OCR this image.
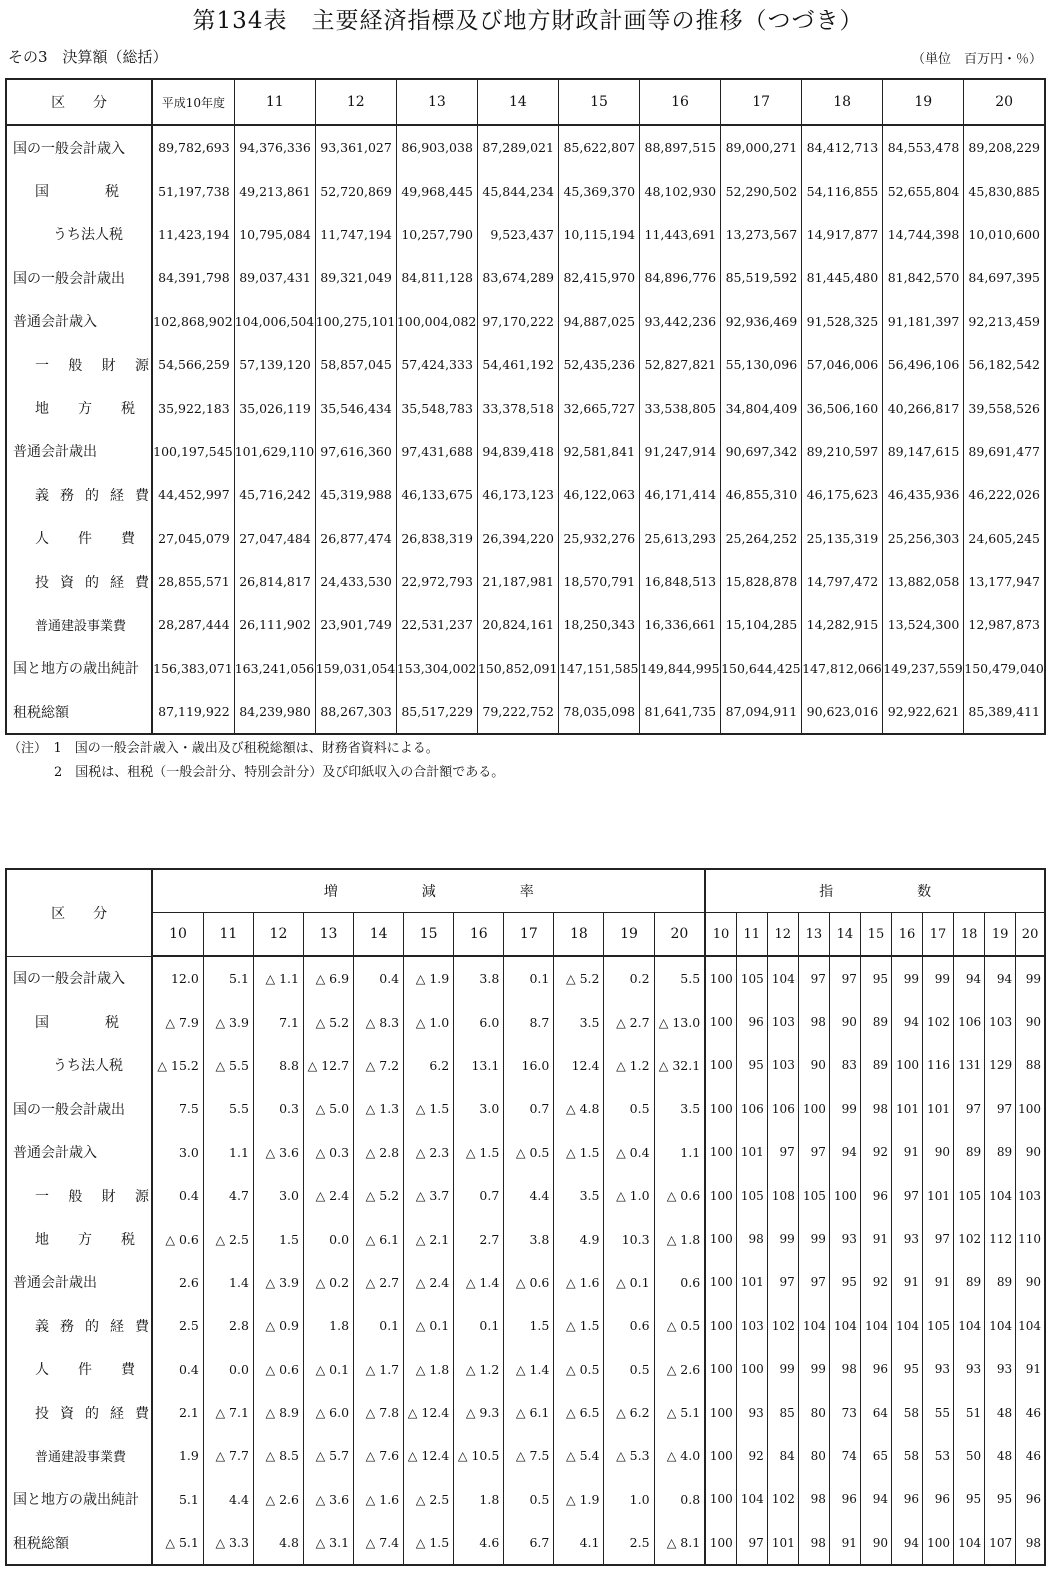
第134表　主要経済指標及び地方財政計画等の推移（つづき）
その3　決算額（総括）	（単位　百万円・％）
区　　分	平成10年度	11	12	13	14	15	16	17	18	19	20
国の一般会計歳入	89,782,693	94,376,336	93,361,027	86,903,038	87,289,021	85,622,807	88,897,515	89,000,271	84,412,713	84,553,478	89,208,229
国　　　　税	51,197,738	49,213,861	52,720,869	49,968,445	45,844,234	45,369,370	48,102,930	52,290,502	54,116,855	52,655,804	45,830,885
うち法人税	11,423,194	10,795,084	11,747,194	10,257,790	9,523,437	10,115,194	11,443,691	13,273,567	14,917,877	14,744,398	10,010,600
国の一般会計歳出	84,391,798	89,037,431	89,321,049	84,811,128	83,674,289	82,415,970	84,896,776	85,519,592	81,445,480	81,842,570	84,697,395
普通会計歳入	102,868,902	104,006,504	100,275,101	100,004,082	97,170,222	94,887,025	93,442,236	92,936,469	91,528,325	91,181,397	92,213,459
一般財源	54,566,259	57,139,120	58,857,045	57,424,333	54,461,192	52,435,236	52,827,821	55,130,096	57,046,006	56,496,106	56,182,542
地方税	35,922,183	35,026,119	35,546,434	35,548,783	33,378,518	32,665,727	33,538,805	34,804,409	36,506,160	40,266,817	39,558,526
普通会計歳出	100,197,545	101,629,110	97,616,360	97,431,688	94,839,418	92,581,841	91,247,914	90,697,342	89,210,597	89,147,615	89,691,477
義務的経費	44,452,997	45,716,242	45,319,988	46,133,675	46,173,123	46,122,063	46,171,414	46,855,310	46,175,623	46,435,936	46,222,026
人件費	27,045,079	27,047,484	26,877,474	26,838,319	26,394,220	25,932,276	25,613,293	25,264,252	25,135,319	25,256,303	24,605,245
投資的経費	28,855,571	26,814,817	24,433,530	22,972,793	21,187,981	18,570,791	16,848,513	15,828,878	14,797,472	13,882,058	13,177,947
普通建設事業費	28,287,444	26,111,902	23,901,749	22,531,237	20,824,161	18,250,343	16,336,661	15,104,285	14,282,915	13,524,300	12,987,873
国と地方の歳出純計	156,383,071	163,241,056	159,031,054	153,304,002	150,852,091	147,151,585	149,844,995	150,644,425	147,812,066	149,237,559	150,479,040
租税総額	87,119,922	84,239,980	88,267,303	85,517,229	79,222,752	78,035,098	81,641,735	87,094,911	90,623,016	92,922,621	85,389,411
（注）　1　国の一般会計歳入・歳出及び租税総額は、財務省資料による。
2　国税は、租税（一般会計分、特別会計分）及び印紙収入の合計額である。
区　　分	増　　　　　　減　　　　　　率											指　　　　　　数										
	10	11	12	13	14	15	16	17	18	19	20	10	11	12	13	14	15	16	17	18	19	20
国の一般会計歳入	12.0	5.1	△ 1.1	△ 6.9	0.4	△ 1.9	3.8	0.1	△ 5.2	0.2	5.5	100	105	104	97	97	95	99	99	94	94	99
国　　　　税	△ 7.9	△ 3.9	7.1	△ 5.2	△ 8.3	△ 1.0	6.0	8.7	3.5	△ 2.7	△ 13.0	100	96	103	98	90	89	94	102	106	103	90
うち法人税	△ 15.2	△ 5.5	8.8	△ 12.7	△ 7.2	6.2	13.1	16.0	12.4	△ 1.2	△ 32.1	100	95	103	90	83	89	100	116	131	129	88
国の一般会計歳出	7.5	5.5	0.3	△ 5.0	△ 1.3	△ 1.5	3.0	0.7	△ 4.8	0.5	3.5	100	106	106	100	99	98	101	101	97	97	100
普通会計歳入	3.0	1.1	△ 3.6	△ 0.3	△ 2.8	△ 2.3	△ 1.5	△ 0.5	△ 1.5	△ 0.4	1.1	100	101	97	97	94	92	91	90	89	89	90
一般財源	0.4	4.7	3.0	△ 2.4	△ 5.2	△ 3.7	0.7	4.4	3.5	△ 1.0	△ 0.6	100	105	108	105	100	96	97	101	105	104	103
地方税	△ 0.6	△ 2.5	1.5	0.0	△ 6.1	△ 2.1	2.7	3.8	4.9	10.3	△ 1.8	100	98	99	99	93	91	93	97	102	112	110
普通会計歳出	2.6	1.4	△ 3.9	△ 0.2	△ 2.7	△ 2.4	△ 1.4	△ 0.6	△ 1.6	△ 0.1	0.6	100	101	97	97	95	92	91	91	89	89	90
義務的経費	2.5	2.8	△ 0.9	1.8	0.1	△ 0.1	0.1	1.5	△ 1.5	0.6	△ 0.5	100	103	102	104	104	104	104	105	104	104	104
人件費	0.4	0.0	△ 0.6	△ 0.1	△ 1.7	△ 1.8	△ 1.2	△ 1.4	△ 0.5	0.5	△ 2.6	100	100	99	99	98	96	95	93	93	93	91
投資的経費	2.1	△ 7.1	△ 8.9	△ 6.0	△ 7.8	△ 12.4	△ 9.3	△ 6.1	△ 6.5	△ 6.2	△ 5.1	100	93	85	80	73	64	58	55	51	48	46
普通建設事業費	1.9	△ 7.7	△ 8.5	△ 5.7	△ 7.6	△ 12.4	△ 10.5	△ 7.5	△ 5.4	△ 5.3	△ 4.0	100	92	84	80	74	65	58	53	50	48	46
国と地方の歳出純計	5.1	4.4	△ 2.6	△ 3.6	△ 1.6	△ 2.5	1.8	0.5	△ 1.9	1.0	0.8	100	104	102	98	96	94	96	96	95	95	96
租税総額	△ 5.1	△ 3.3	4.8	△ 3.1	△ 7.4	△ 1.5	4.6	6.7	4.1	2.5	△ 8.1	100	97	101	98	91	90	94	100	104	107	98
